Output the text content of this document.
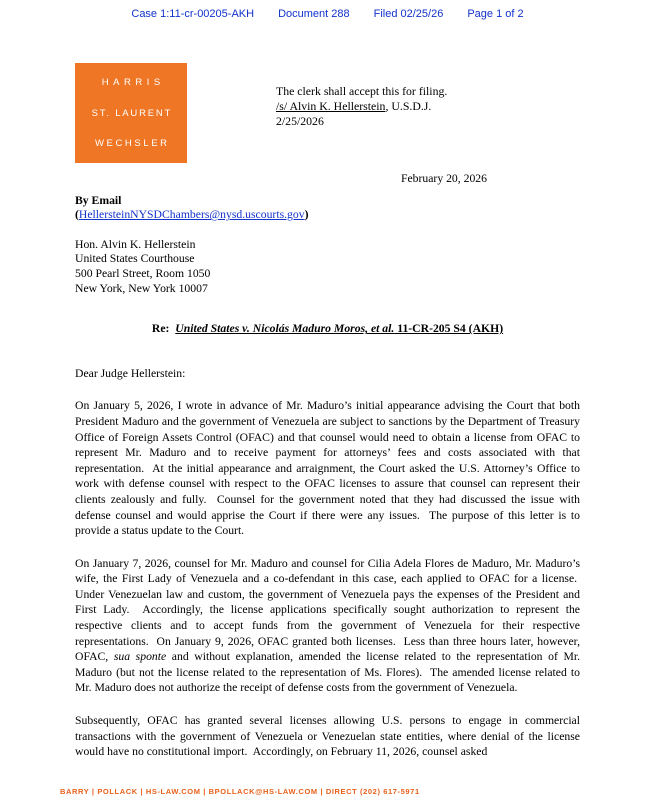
Case 1:11-cr-00205-AKH Document 288 Filed 02/25/26 Page 1 of 2
HARRIS
ST. LAURENT
WECHSLER
The clerk shall accept this for filing.
/s/ Alvin K. Hellerstein, U.S.D.J.
2/25/2026
February 20, 2026
By Email
(HellersteinNYSDChambers@nysd.uscourts.gov)
Hon. Alvin K. Hellerstein
United States Courthouse
500 Pearl Street, Room 1050
New York, New York 10007
Re:  United States v. Nicolás Maduro Moros, et al. 11-CR-205 S4 (AKH)
Dear Judge Hellerstein:

On January 5, 2026, I wrote in advance of Mr. Maduro’s initial appearance advising the Court that both President Maduro and the government of Venezuela are subject to sanctions by the Department of Treasury Office of Foreign Assets Control (OFAC) and that counsel would need to obtain a license from OFAC to represent Mr. Maduro and to receive payment for attorneys’ fees and costs associated with that representation.  At the initial appearance and arraignment, the Court asked the U.S. Attorney’s Office to work with defense counsel with respect to the OFAC licenses to assure that counsel can represent their clients zealously and fully.  Counsel for the government noted that they had discussed the issue with defense counsel and would apprise the Court if there were any issues.  The purpose of this letter is to provide a status update to the Court.

On January 7, 2026, counsel for Mr. Maduro and counsel for Cilia Adela Flores de Maduro, Mr. Maduro’s wife, the First Lady of Venezuela and a co-defendant in this case, each applied to OFAC for a license.  Under Venezuelan law and custom, the government of Venezuela pays the expenses of the President and First Lady.  Accordingly, the license applications specifically sought authorization to represent the respective clients and to accept funds from the government of Venezuela for their respective representations.  On January 9, 2026, OFAC granted both licenses.  Less than three hours later, however, OFAC, sua sponte and without explanation, amended the license related to the representation of Mr. Maduro (but not the license related to the representation of Ms. Flores).  The amended license related to Mr. Maduro does not authorize the receipt of defense costs from the government of Venezuela.

Subsequently, OFAC has granted several licenses allowing U.S. persons to engage in commercial transactions with the government of Venezuela or Venezuelan state entities, where denial of the license would have no constitutional import.  Accordingly, on February 11, 2026, counsel asked

BARRY | POLLACK | HS-LAW.COM | BPOLLACK@HS-LAW.COM | DIRECT (202) 617-5971
